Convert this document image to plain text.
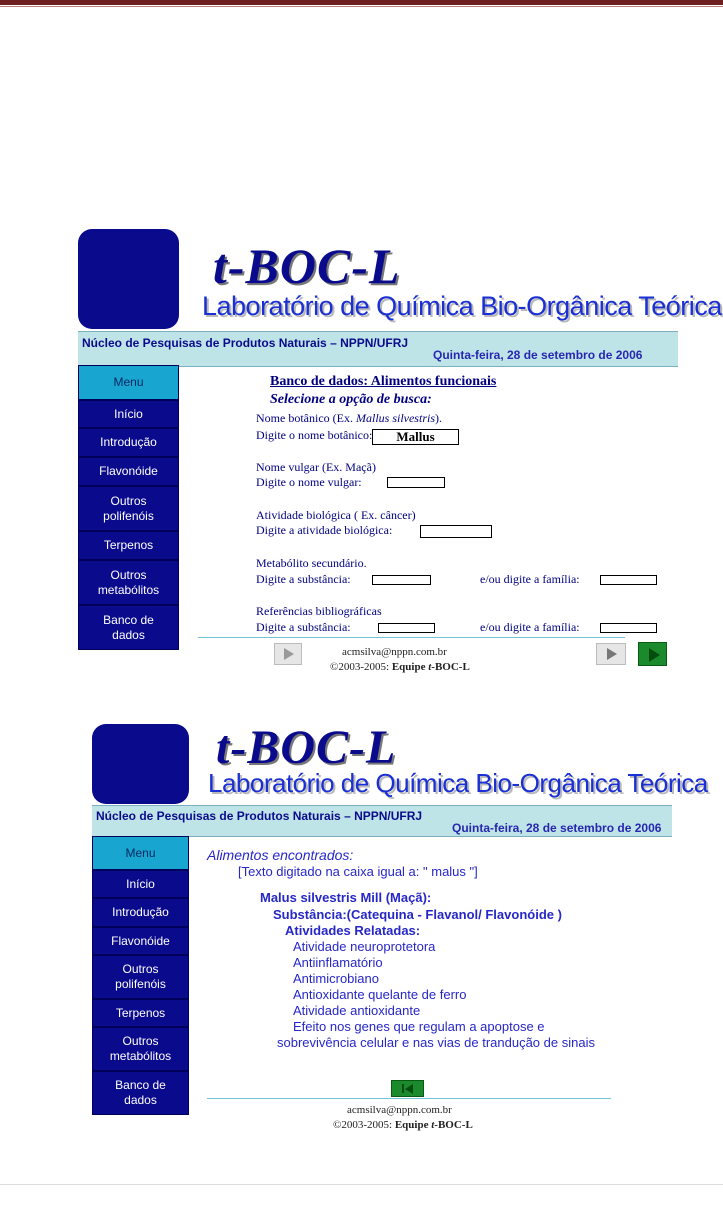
t-BOC-L
Laboratório de Química Bio-Orgânica Teórica
Núcleo de Pesquisas de Produtos Naturais – NPPN/UFRJ
Quinta-feira, 28 de setembro de 2006
Menu
Início
Introdução
Flavonóide
Outros
polifenóis
Terpenos
Outros
metabólitos
Banco de
dados
Banco de dados: Alimentos funcionais
Selecione a opção de busca:
Nome botânico (Ex. Mallus silvestris).
Digite o nome botânico:	Mallus
Nome vulgar (Ex. Maçã)
Digite o nome vulgar:
Atividade biológica ( Ex. câncer)
Digite a atividade biológica:
Metabólito secundário.
Digite a substância:	e/ou digite a família:
Referências bibliográficas
Digite a substância:	e/ou digite a família:
acmsilva@nppn.com.br
©2003-2005: Equipe t-BOC-L
t-BOC-L
Laboratório de Química Bio-Orgânica Teórica
Núcleo de Pesquisas de Produtos Naturais – NPPN/UFRJ
Quinta-feira, 28 de setembro de 2006
Menu
Início
Introdução
Flavonóide
Outros
polifenóis
Terpenos
Outros
metabólitos
Banco de
dados
Alimentos encontrados:
[Texto digitado na caixa igual a: " malus "]
Malus silvestris Mill (Maçã):
Substância:(Catequina - Flavanol/ Flavonóide )
Atividades Relatadas:
Atividade neuroprotetora
Antiinflamatório
Antimicrobiano
Antioxidante quelante de ferro
Atividade antioxidante
Efeito nos genes que regulam a apoptose e
sobrevivência celular e nas vias de trandução de sinais
acmsilva@nppn.com.br
©2003-2005: Equipe t-BOC-L
